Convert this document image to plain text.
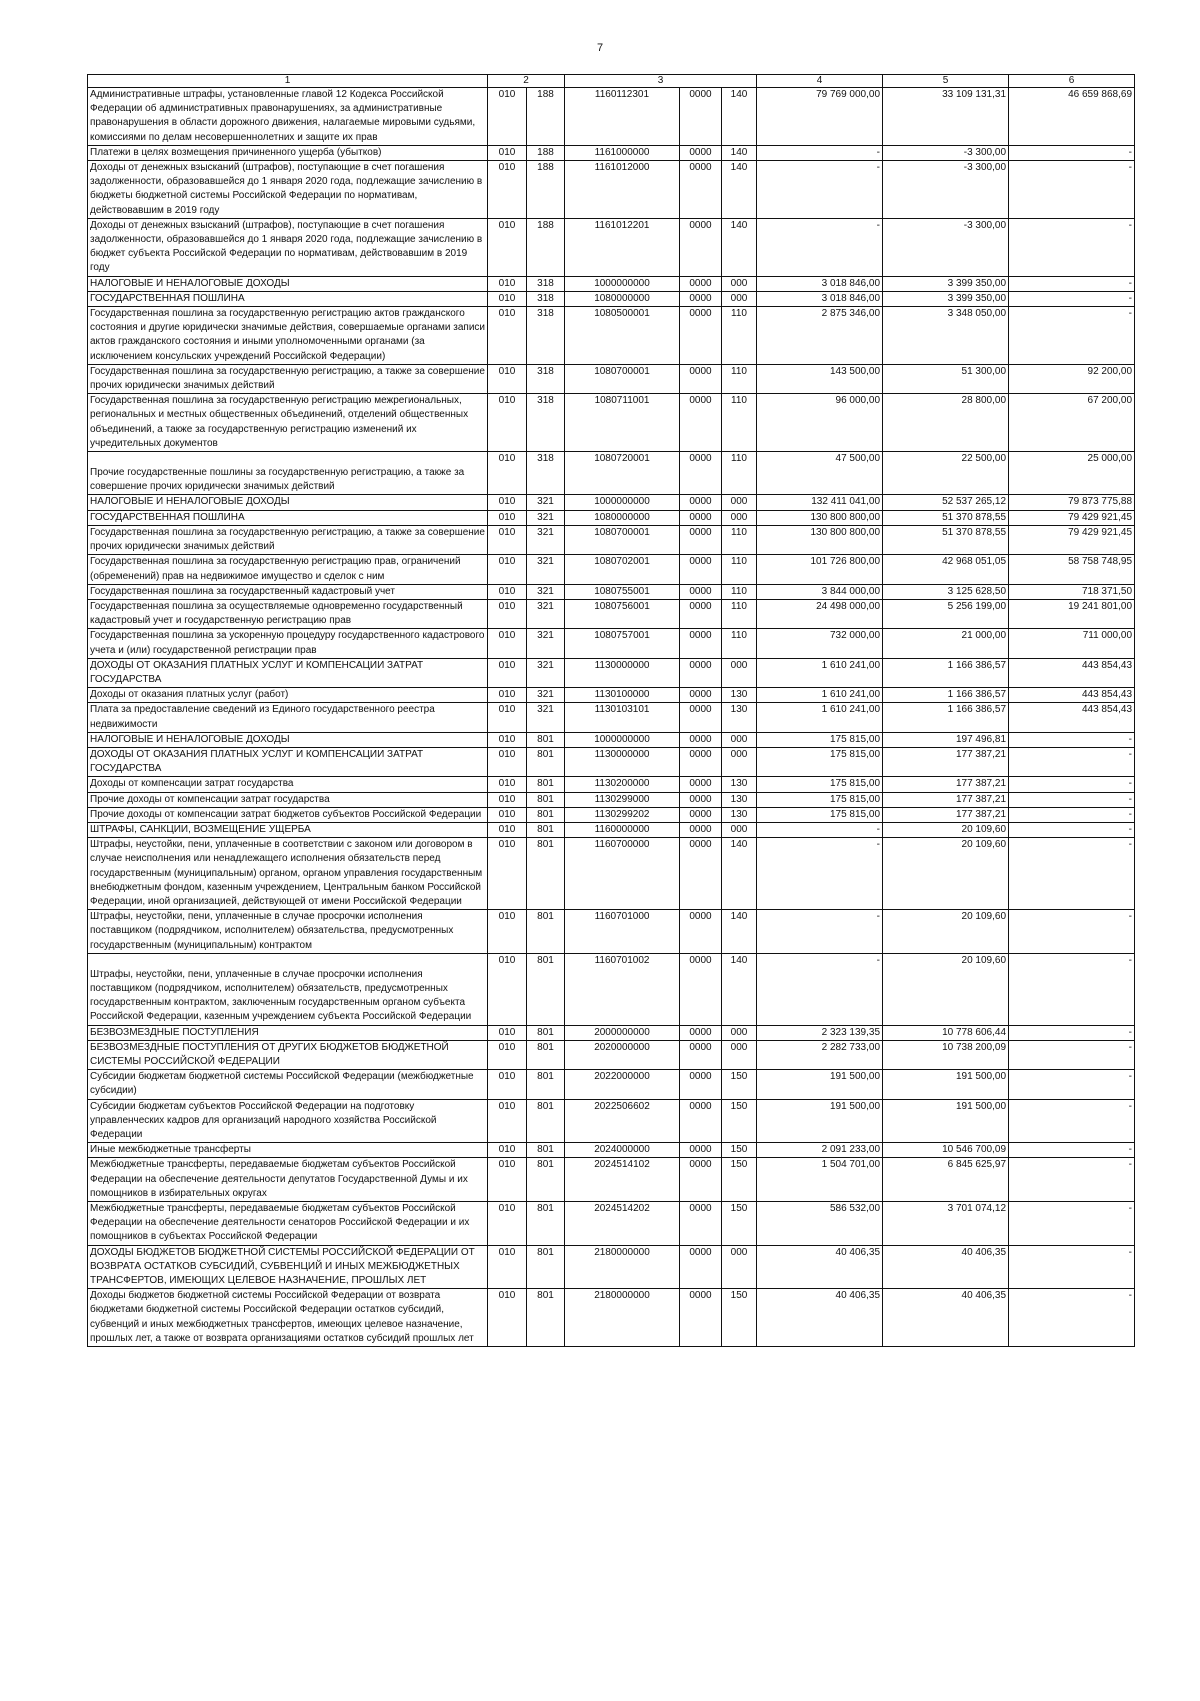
7
1	2		3			4	5	6
Административные штрафы, установленные главой 12 Кодекса Российской Федерации об административных правонарушениях, за административные правонарушения в области дорожного движения, налагаемые мировыми судьями, комиссиями по делам несовершеннолетних и защите их прав	010	188	1160112301	0000	140	79 769 000,00	33 109 131,31	46 659 868,69
Платежи в целях возмещения причиненного ущерба (убытков)	010	188	1161000000	0000	140	-	-3 300,00	-
Доходы от денежных взысканий (штрафов), поступающие в счет погашения задолженности, образовавшейся до 1 января 2020 года, подлежащие зачислению в бюджеты бюджетной системы Российской Федерации по нормативам, действовавшим в 2019 году	010	188	1161012000	0000	140	-	-3 300,00	-
Доходы от денежных взысканий (штрафов), поступающие в счет погашения задолженности, образовавшейся до 1 января 2020 года, подлежащие зачислению в бюджет субъекта Российской Федерации по нормативам, действовавшим в 2019 году	010	188	1161012201	0000	140	-	-3 300,00	-
НАЛОГОВЫЕ И НЕНАЛОГОВЫЕ ДОХОДЫ	010	318	1000000000	0000	000	3 018 846,00	3 399 350,00	-
ГОСУДАРСТВЕННАЯ ПОШЛИНА	010	318	1080000000	0000	000	3 018 846,00	3 399 350,00	-
Государственная пошлина за государственную регистрацию актов гражданского состояния и другие юридически значимые действия, совершаемые органами записи актов гражданского состояния и иными уполномоченными органами (за исключением консульских учреждений Российской Федерации)	010	318	1080500001	0000	110	2 875 346,00	3 348 050,00	-
Государственная пошлина за государственную регистрацию, а также за совершение прочих юридически значимых действий	010	318	1080700001	0000	110	143 500,00	51 300,00	92 200,00
Государственная пошлина за государственную регистрацию межрегиональных, региональных и местных общественных объединений, отделений общественных объединений, а также за государственную регистрацию изменений их учредительных документов	010	318	1080711001	0000	110	96 000,00	28 800,00	67 200,00
Прочие государственные пошлины за государственную регистрацию, а также за совершение прочих юридически значимых действий	010	318	1080720001	0000	110	47 500,00	22 500,00	25 000,00
НАЛОГОВЫЕ И НЕНАЛОГОВЫЕ ДОХОДЫ	010	321	1000000000	0000	000	132 411 041,00	52 537 265,12	79 873 775,88
ГОСУДАРСТВЕННАЯ ПОШЛИНА	010	321	1080000000	0000	000	130 800 800,00	51 370 878,55	79 429 921,45
Государственная пошлина за государственную регистрацию, а также за совершение прочих юридически значимых действий	010	321	1080700001	0000	110	130 800 800,00	51 370 878,55	79 429 921,45
Государственная пошлина за государственную регистрацию прав, ограничений (обременений) прав на недвижимое имущество и сделок с ним	010	321	1080702001	0000	110	101 726 800,00	42 968 051,05	58 758 748,95
Государственная пошлина за государственный кадастровый учет	010	321	1080755001	0000	110	3 844 000,00	3 125 628,50	718 371,50
Государственная пошлина за осуществляемые одновременно государственный кадастровый учет и государственную регистрацию прав	010	321	1080756001	0000	110	24 498 000,00	5 256 199,00	19 241 801,00
Государственная пошлина за ускоренную процедуру государственного кадастрового учета и (или) государственной регистрации прав	010	321	1080757001	0000	110	732 000,00	21 000,00	711 000,00
ДОХОДЫ ОТ ОКАЗАНИЯ ПЛАТНЫХ УСЛУГ И КОМПЕНСАЦИИ ЗАТРАТ ГОСУДАРСТВА	010	321	1130000000	0000	000	1 610 241,00	1 166 386,57	443 854,43
Доходы от оказания платных услуг (работ)	010	321	1130100000	0000	130	1 610 241,00	1 166 386,57	443 854,43
Плата за предоставление сведений из Единого государственного реестра недвижимости	010	321	1130103101	0000	130	1 610 241,00	1 166 386,57	443 854,43
НАЛОГОВЫЕ И НЕНАЛОГОВЫЕ ДОХОДЫ	010	801	1000000000	0000	000	175 815,00	197 496,81	-
ДОХОДЫ ОТ ОКАЗАНИЯ ПЛАТНЫХ УСЛУГ И КОМПЕНСАЦИИ ЗАТРАТ ГОСУДАРСТВА	010	801	1130000000	0000	000	175 815,00	177 387,21	-
Доходы от компенсации затрат государства	010	801	1130200000	0000	130	175 815,00	177 387,21	-
Прочие доходы от компенсации затрат государства	010	801	1130299000	0000	130	175 815,00	177 387,21	-
Прочие доходы от компенсации затрат бюджетов субъектов Российской Федерации	010	801	1130299202	0000	130	175 815,00	177 387,21	-
ШТРАФЫ, САНКЦИИ, ВОЗМЕЩЕНИЕ УЩЕРБА	010	801	1160000000	0000	000	-	20 109,60	-
Штрафы, неустойки, пени, уплаченные в соответствии с законом или договором в случае неисполнения или ненадлежащего исполнения обязательств перед государственным (муниципальным) органом, органом управления государственным внебюджетным фондом, казенным учреждением, Центральным банком Российской Федерации, иной организацией, действующей от имени Российской Федерации	010	801	1160700000	0000	140	-	20 109,60	-
Штрафы, неустойки, пени, уплаченные в случае просрочки исполнения поставщиком (подрядчиком, исполнителем) обязательства, предусмотренных государственным (муниципальным) контрактом	010	801	1160701000	0000	140	-	20 109,60	-
Штрафы, неустойки, пени, уплаченные в случае просрочки исполнения поставщиком (подрядчиком, исполнителем) обязательств, предусмотренных государственным контрактом, заключенным государственным органом субъекта Российской Федерации, казенным учреждением субъекта Российской Федерации	010	801	1160701002	0000	140	-	20 109,60	-
БЕЗВОЗМЕЗДНЫЕ ПОСТУПЛЕНИЯ	010	801	2000000000	0000	000	2 323 139,35	10 778 606,44	-
БЕЗВОЗМЕЗДНЫЕ ПОСТУПЛЕНИЯ ОТ ДРУГИХ БЮДЖЕТОВ БЮДЖЕТНОЙ СИСТЕМЫ РОССИЙСКОЙ ФЕДЕРАЦИИ	010	801	2020000000	0000	000	2 282 733,00	10 738 200,09	-
Субсидии бюджетам бюджетной системы Российской Федерации (межбюджетные субсидии)	010	801	2022000000	0000	150	191 500,00	191 500,00	-
Субсидии бюджетам субъектов Российской Федерации на подготовку управленческих кадров для организаций народного хозяйства Российской Федерации	010	801	2022506602	0000	150	191 500,00	191 500,00	-
Иные межбюджетные трансферты	010	801	2024000000	0000	150	2 091 233,00	10 546 700,09	-
Межбюджетные трансферты, передаваемые бюджетам субъектов Российской Федерации на обеспечение деятельности депутатов Государственной Думы и их помощников в избирательных округах	010	801	2024514102	0000	150	1 504 701,00	6 845 625,97	-
Межбюджетные трансферты, передаваемые бюджетам субъектов Российской Федерации на обеспечение деятельности сенаторов Российской Федерации и их помощников в субъектах Российской Федерации	010	801	2024514202	0000	150	586 532,00	3 701 074,12	-
ДОХОДЫ БЮДЖЕТОВ БЮДЖЕТНОЙ СИСТЕМЫ РОССИЙСКОЙ ФЕДЕРАЦИИ ОТ ВОЗВРАТА ОСТАТКОВ СУБСИДИЙ, СУБВЕНЦИЙ И ИНЫХ МЕЖБЮДЖЕТНЫХ ТРАНСФЕРТОВ, ИМЕЮЩИХ ЦЕЛЕВОЕ НАЗНАЧЕНИЕ, ПРОШЛЫХ ЛЕТ	010	801	2180000000	0000	000	40 406,35	40 406,35	-
Доходы бюджетов бюджетной системы Российской Федерации от возврата бюджетами бюджетной системы Российской Федерации остатков субсидий, субвенций и иных межбюджетных трансфертов, имеющих целевое назначение, прошлых лет, а также от возврата организациями остатков субсидий прошлых лет	010	801	2180000000	0000	150	40 406,35	40 406,35	-
